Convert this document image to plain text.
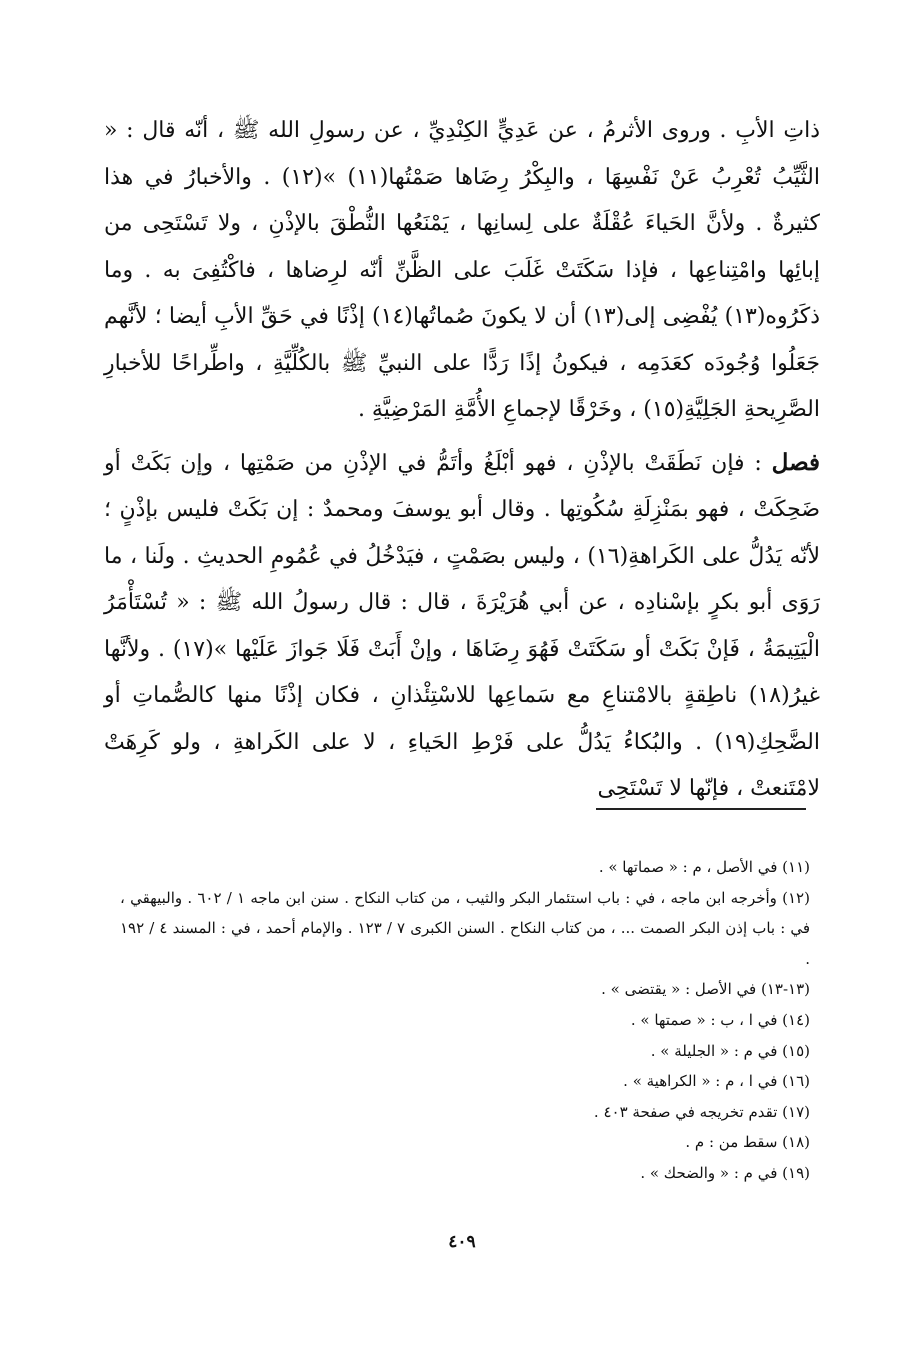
ذاتِ الأبِ . وروى الأثرمُ ، عن عَدِيٍّ الكِنْدِيِّ ، عن رسولِ الله ﷺ ، أنّه قال : « الثَّيِّبُ تُعْرِبُ عَنْ نَفْسِهَا ، والبِكْرُ رِضَاها صَمْتُها(١١) »(١٢) . والأخبارُ في هذا كثيرةٌ . ولأنَّ الحَياءَ عُقْلَةٌ على لِسانِها ، يَمْنَعُها النُّطْقَ بالإذْنِ ، ولا تَسْتَحِى من إبائِها وامْتِناعِها ، فإذا سَكَتَتْ غَلَبَ على الظَّنِّ أنّه لرِضاها ، فاكْتُفِىَ به . وما ذكَرُوه(١٣) يُفْضِى إلى(١٣) أن لا يكونَ صُماتُها(١٤) إذْنًا في حَقِّ الأبِ أيضا ؛ لأنَّهم جَعَلُوا وُجُودَه كعَدَمِه ، فيكونُ إذًا رَدًّا على النبيِّ ﷺ بالكُلِّيَّةِ ، واطِّراحًا للأخبارِ الصَّرِيحةِ الجَلِيَّةِ(١٥) ، وخَرْقًا لإجماعِ الأُمَّةِ المَرْضِيَّةِ .

فصل : فإن نَطَقَتْ بالإذْنِ ، فهو أبْلَغُ وأتَمُّ في الإذْنِ من صَمْتِها ، وإن بَكَتْ أو ضَحِكَتْ ، فهو بمَنْزِلَةِ سُكُوتِها . وقال أبو يوسفَ ومحمدٌ : إن بَكَتْ فليس بإذْنٍ ؛ لأنّه يَدُلُّ على الكَراهةِ(١٦) ، وليس بصَمْتٍ ، فيَدْخُلُ في عُمُومِ الحديثِ . ولَنا ، ما رَوَى أبو بكرٍ بإسْنادِه ، عن أبي هُرَيْرَةَ ، قال : قال رسولُ الله ﷺ : « تُسْتَأْمَرُ الْيَتِيمَةُ ، فَإنْ بَكَتْ أو سَكَتَتْ فَهُوَ رِضَاهَا ، وإنْ أَبَتْ فَلَا جَوازَ عَلَيْها »(١٧) . ولأنَّها غيرُ(١٨) ناطِقةٍ بالامْتناعِ مع سَماعِها للاسْتِئْذانِ ، فكان إذْنًا منها كالصُّماتِ أو الضَّحِكِ(١٩) . والبُكاءُ يَدُلُّ على فَرْطِ الحَياءِ ، لا على الكَراهةِ ، ولو كَرِهَتْ لامْتَنعتْ ، فإنّها لا تَسْتَحِى

(١١) في الأصل ، م : « صماتها » .
(١٢) وأخرجه ابن ماجه ، في : باب استئمار البكر والثيب ، من كتاب النكاح . سنن ابن ماجه ١ / ٦٠٢ . والبيهقي ، في : باب إذن البكر الصمت ... ، من كتاب النكاح . السنن الكبرى ٧ / ١٢٣ . والإمام أحمد ، في : المسند ٤ / ١٩٢ .
(١٣-١٣) في الأصل : « يقتضى » .
(١٤) في ا ، ب : « صمتها » .
(١٥) في م : « الجليلة » .
(١٦) في ا ، م : « الكراهية » .
(١٧) تقدم تخريجه في صفحة ٤٠٣ .
(١٨) سقط من : م .
(١٩) في م : « والضحك » .
٤٠٩
